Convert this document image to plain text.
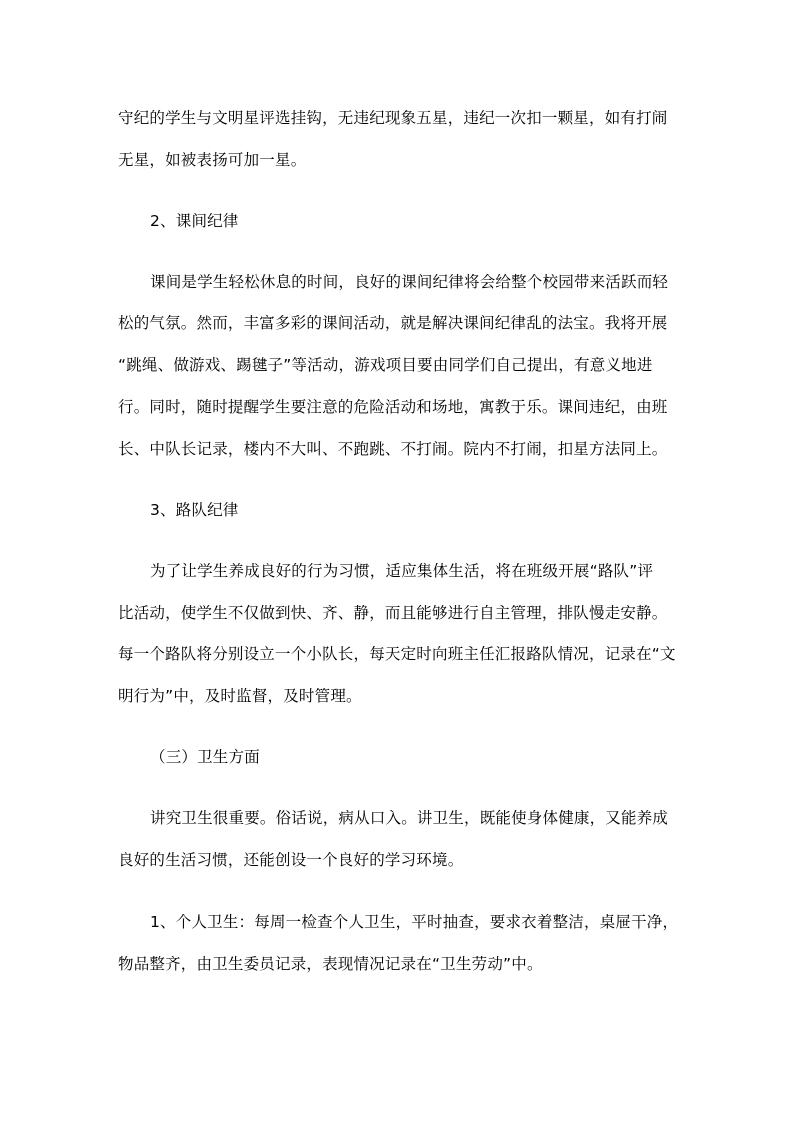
守纪的学生与文明星评选挂钩，无违纪现象五星，违纪一次扣一颗星，如有打闹
无星，如被表扬可加一星。
2、课间纪律
课间是学生轻松休息的时间，良好的课间纪律将会给整个校园带来活跃而轻
松的气氛。然而，丰富多彩的课间活动，就是解决课间纪律乱的法宝。我将开展
“跳绳、做游戏、踢毽子”等活动，游戏项目要由同学们自己提出，有意义地进
行。同时，随时提醒学生要注意的危险活动和场地，寓教于乐。课间违纪，由班
长、中队长记录，楼内不大叫、不跑跳、不打闹。院内不打闹，扣星方法同上。
3、路队纪律
为了让学生养成良好的行为习惯，适应集体生活，将在班级开展“路队”评
比活动，使学生不仅做到快、齐、静，而且能够进行自主管理，排队慢走安静。
每一个路队将分别设立一个小队长，每天定时向班主任汇报路队情况，记录在“文
明行为”中，及时监督，及时管理。
（三）卫生方面
讲究卫生很重要。俗话说，病从口入。讲卫生，既能使身体健康，又能养成
良好的生活习惯，还能创设一个良好的学习环境。
1、个人卫生：每周一检查个人卫生，平时抽查，要求衣着整洁，桌屉干净，
物品整齐，由卫生委员记录，表现情况记录在“卫生劳动”中。
